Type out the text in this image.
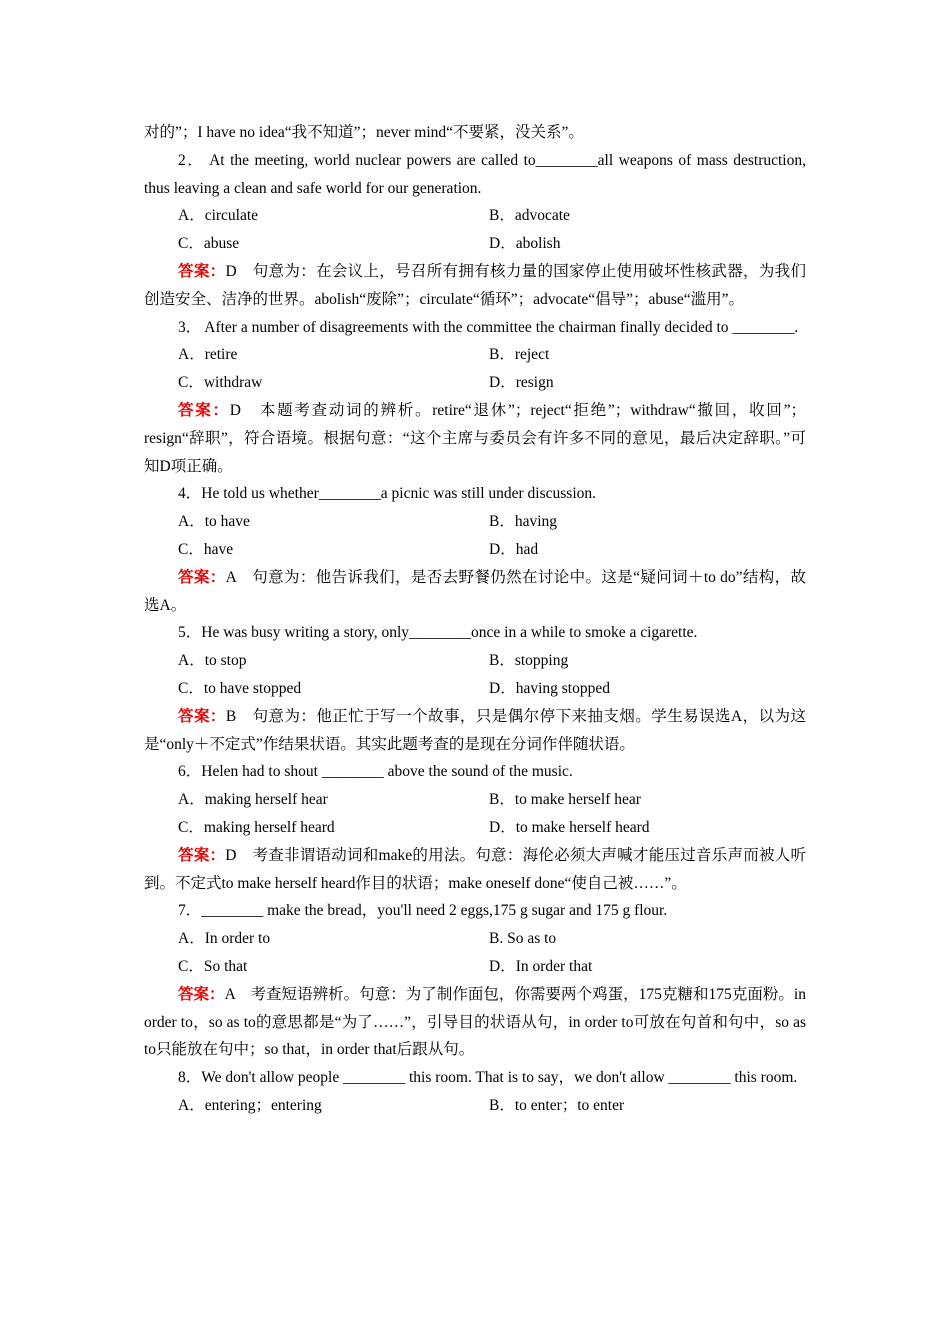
对的”；I have no idea“我不知道”；never mind“不要紧，没关系”。
2． At the meeting, world nuclear powers are called to________all weapons of mass destruction, thus leaving a clean and safe world for our generation.
A．circulate	B．advocate
C．abuse	D．abolish
答案：D　句意为：在会议上，号召所有拥有核力量的国家停止使用破坏性核武器，为我们创造安全、洁净的世界。abolish“废除”；circulate“循环”；advocate“倡导”；abuse“滥用”。
3． After a number of disagreements with the committee the chairman finally decided to ________.
A．retire	B．reject
C．withdraw	D．resign
答案：D　本题考查动词的辨析。retire“退休”；reject“拒绝”；withdraw“撤回，收回”；resign“辞职”，符合语境。根据句意：“这个主席与委员会有许多不同的意见，最后决定辞职。”可知D项正确。
4．He told us whether________a picnic was still under discussion.
A．to have	B．having
C．have	D．had
答案：A　句意为：他告诉我们，是否去野餐仍然在讨论中。这是“疑问词＋to do”结构，故选A。
5．He was busy writing a story, only________once in a while to smoke a cigarette.
A．to stop	B．stopping
C．to have stopped	D．having stopped
答案：B　句意为：他正忙于写一个故事，只是偶尔停下来抽支烟。学生易误选A，以为这是“only＋不定式”作结果状语。其实此题考查的是现在分词作伴随状语。
6．Helen had to shout ________ above the sound of the music.
A．making herself hear	B．to make herself hear
C．making herself heard	D．to make herself heard
答案：D　考查非谓语动词和make的用法。句意：海伦必须大声喊才能压过音乐声而被人听到。不定式to make herself heard作目的状语；make oneself done“使自己被……”。
7．________ make the bread，you'll need 2 eggs,175 g sugar and 175 g flour.
A．In order to	B. So as to
C．So that	D．In order that
答案：A　考查短语辨析。句意：为了制作面包，你需要两个鸡蛋，175克糖和175克面粉。in order to，so as to的意思都是“为了……”，引导目的状语从句，in order to可放在句首和句中，so as to只能放在句中；so that，in order that后跟从句。
8．We don't allow people ________ this room. That is to say，we don't allow ________ this room.
A．entering；entering	B．to enter；to enter
